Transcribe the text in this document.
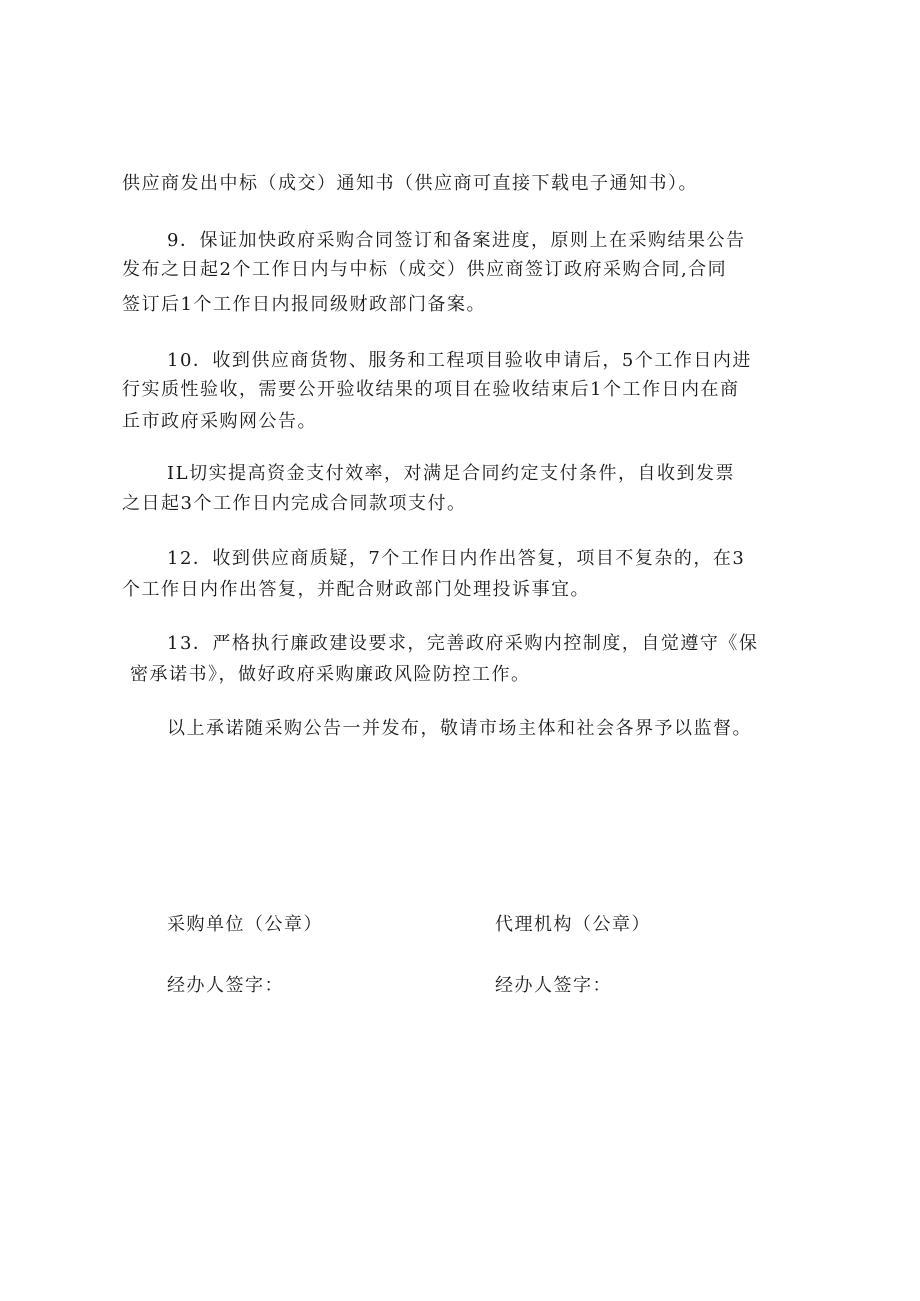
供应商发出中标（成交）通知书（供应商可直接下载电子通知书）。
9．保证加快政府采购合同签订和备案进度，原则上在采购结果公告
发布之日起2个工作日内与中标（成交）供应商签订政府采购合同,合同
签订后1个工作日内报同级财政部门备案。
10．收到供应商货物、服务和工程项目验收申请后，5个工作日内进
行实质性验收，需要公开验收结果的项目在验收结束后1个工作日内在商
丘市政府采购网公告。
IL切实提高资金支付效率，对满足合同约定支付条件，自收到发票
之日起3个工作日内完成合同款项支付。
12．收到供应商质疑，7个工作日内作出答复，项目不复杂的，在3
个工作日内作出答复，并配合财政部门处理投诉事宜。
13．严格执行廉政建设要求，完善政府采购内控制度，自觉遵守《保
密承诺书》，做好政府采购廉政风险防控工作。
以上承诺随采购公告一并发布，敬请市场主体和社会各界予以监督。
采购单位（公章）	代理机构（公章）
经办人签字：	经办人签字：
